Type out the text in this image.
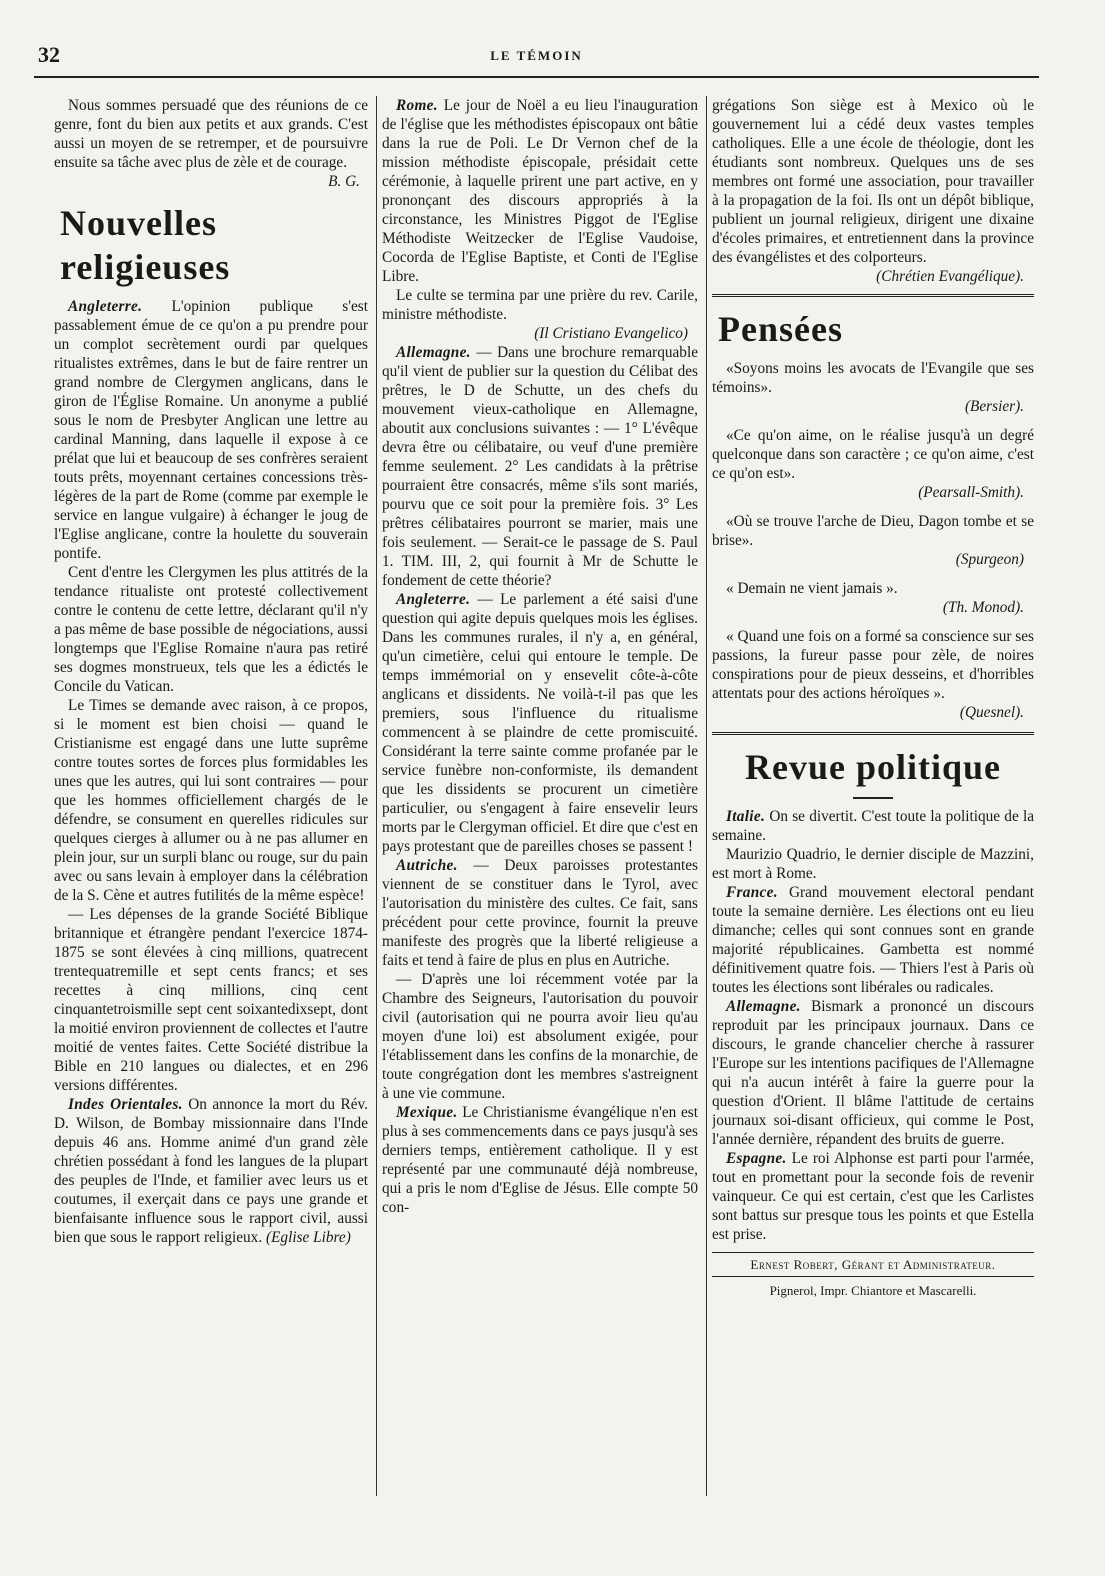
32	LE TÉMOIN

Nous sommes persuadé que des réunions de ce genre, font du bien aux petits et aux grands. C'est aussi un moyen de se retremper, et de poursuivre ensuite sa tâche avec plus de zèle et de courage.

B. G.
Nouvelles religieuses

Angleterre. L'opinion publique s'est passablement émue de ce qu'on a pu prendre pour un complot secrètement ourdi par quelques ritualistes extrêmes, dans le but de faire rentrer un grand nombre de Clergymen anglicans, dans le giron de l'Église Romaine. Un anonyme a publié sous le nom de Presbyter Anglican une lettre au cardinal Manning, dans laquelle il expose à ce prélat que lui et beaucoup de ses confrères seraient touts prêts, moyennant certaines concessions très-légères de la part de Rome (comme par exemple le service en langue vulgaire) à échanger le joug de l'Eglise anglicane, contre la houlette du souverain pontife.

Cent d'entre les Clergymen les plus attitrés de la tendance ritualiste ont protesté collectivement contre le contenu de cette lettre, déclarant qu'il n'y a pas même de base possible de négociations, aussi longtemps que l'Eglise Romaine n'aura pas retiré ses dogmes monstrueux, tels que les a édictés le Concile du Vatican.

Le Times se demande avec raison, à ce propos, si le moment est bien choisi — quand le Cristianisme est engagé dans une lutte suprême contre toutes sortes de forces plus formidables les unes que les autres, qui lui sont contraires — pour que les hommes officiellement chargés de le défendre, se consument en querelles ridicules sur quelques cierges à allumer ou à ne pas allumer en plein jour, sur un surpli blanc ou rouge, sur du pain avec ou sans levain à employer dans la célébration de la S. Cène et autres futilités de la même espèce!

— Les dépenses de la grande Société Biblique britannique et étrangère pendant l'exercice 1874-1875 se sont élevées à cinq millions, quatrecent trentequatremille et sept cents francs; et ses recettes à cinq millions, cinq cent cinquantetroismille sept cent soixantedixsept, dont la moitié environ proviennent de collectes et l'autre moitié de ventes faites. Cette Société distribue la Bible en 210 langues ou dialectes, et en 296 versions différentes.

Indes Orientales. On annonce la mort du Rév. D. Wilson, de Bombay missionnaire dans l'Inde depuis 46 ans. Homme animé d'un grand zèle chrétien possédant à fond les langues de la plupart des peuples de l'Inde, et familier avec leurs us et coutumes, il exerçait dans ce pays une grande et bienfaisante influence sous le rapport civil, aussi bien que sous le rapport religieux. (Eglise Libre)

Rome. Le jour de Noël a eu lieu l'inauguration de l'église que les méthodistes épiscopaux ont bâtie dans la rue de Poli. Le Dr Vernon chef de la mission méthodiste épiscopale, présidait cette cérémonie, à laquelle prirent une part active, en y prononçant des discours appropriés à la circonstance, les Ministres Piggot de l'Eglise Méthodiste Weitzecker de l'Eglise Vaudoise, Cocorda de l'Eglise Baptiste, et Conti de l'Eglise Libre.

Le culte se termina par une prière du rev. Carile, ministre méthodiste.

(Il Cristiano Evangelico)

Allemagne. — Dans une brochure remarquable qu'il vient de publier sur la question du Célibat des prêtres, le D de Schutte, un des chefs du mouvement vieux-catholique en Allemagne, aboutit aux conclusions suivantes : — 1° L'évêque devra être ou célibataire, ou veuf d'une première femme seulement. 2° Les candidats à la prêtrise pourraient être consacrés, même s'ils sont mariés, pourvu que ce soit pour la première fois. 3° Les prêtres célibataires pourront se marier, mais une fois seulement. — Serait-ce le passage de S. Paul 1. TIM. III, 2, qui fournit à Mr de Schutte le fondement de cette théorie?

Angleterre. — Le parlement a été saisi d'une question qui agite depuis quelques mois les églises. Dans les communes rurales, il n'y a, en général, qu'un cimetière, celui qui entoure le temple. De temps immémorial on y ensevelit côte-à-côte anglicans et dissidents. Ne voilà-t-il pas que les premiers, sous l'influence du ritualisme commencent à se plaindre de cette promiscuité. Considérant la terre sainte comme profanée par le service funèbre non-conformiste, ils demandent que les dissidents se procurent un cimetière particulier, ou s'engagent à faire ensevelir leurs morts par le Clergyman officiel. Et dire que c'est en pays protestant que de pareilles choses se passent !

Autriche. — Deux paroisses protestantes viennent de se constituer dans le Tyrol, avec l'autorisation du ministère des cultes. Ce fait, sans précédent pour cette province, fournit la preuve manifeste des progrès que la liberté religieuse a faits et tend à faire de plus en plus en Autriche.

— D'après une loi récemment votée par la Chambre des Seigneurs, l'autorisation du pouvoir civil (autorisation qui ne pourra avoir lieu qu'au moyen d'une loi) est absolument exigée, pour l'établissement dans les confins de la monarchie, de toute congrégation dont les membres s'astreignent à une vie commune.

Mexique. Le Christianisme évangélique n'en est plus à ses commencements dans ce pays jusqu'à ses derniers temps, entièrement catholique. Il y est représenté par une communauté déjà nombreuse, qui a pris le nom d'Eglise de Jésus. Elle compte 50 con-

grégations Son siège est à Mexico où le gouvernement lui a cédé deux vastes temples catholiques. Elle a une école de théologie, dont les étudiants sont nombreux. Quelques uns de ses membres ont formé une association, pour travailler à la propagation de la foi. Ils ont un dépôt biblique, publient un journal religieux, dirigent une dixaine d'écoles primaires, et entretiennent dans la province des évangélistes et des colporteurs.

(Chrétien Evangélique).
Pensées

«Soyons moins les avocats de l'Evangile que ses témoins».

(Bersier).

«Ce qu'on aime, on le réalise jusqu'à un degré quelconque dans son caractère ; ce qu'on aime, c'est ce qu'on est».

(Pearsall-Smith).

«Où se trouve l'arche de Dieu, Dagon tombe et se brise».

(Spurgeon)

« Demain ne vient jamais ».

(Th. Monod).

« Quand une fois on a formé sa conscience sur ses passions, la fureur passe pour zèle, de noires conspirations pour de pieux desseins, et d'horribles attentats pour des actions héroïques ».

(Quesnel).
Revue politique

Italie. On se divertit. C'est toute la politique de la semaine.

Maurizio Quadrio, le dernier disciple de Mazzini, est mort à Rome.

France. Grand mouvement electoral pendant toute la semaine dernière. Les élections ont eu lieu dimanche; celles qui sont connues sont en grande majorité républicaines. Gambetta est nommé définitivement quatre fois. — Thiers l'est à Paris où toutes les élections sont libérales ou radicales.

Allemagne. Bismark a prononcé un discours reproduit par les principaux journaux. Dans ce discours, le grande chancelier cherche à rassurer l'Europe sur les intentions pacifiques de l'Allemagne qui n'a aucun intérêt à faire la guerre pour la question d'Orient. Il blâme l'attitude de certains journaux soi-disant officieux, qui comme le Post, l'année dernière, répandent des bruits de guerre.

Espagne. Le roi Alphonse est parti pour l'armée, tout en promettant pour la seconde fois de revenir vainqueur. Ce qui est certain, c'est que les Carlistes sont battus sur presque tous les points et que Estella est prise.

Ernest Robert, Gérant et Administrateur.
Pignerol, Impr. Chiantore et Mascarelli.
